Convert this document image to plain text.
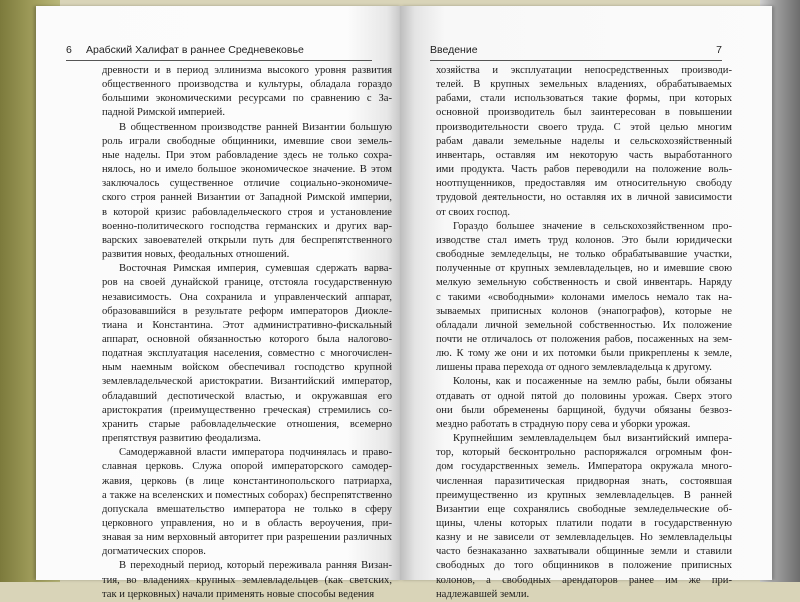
6 Арабский Халифат в раннее Средневековье
древности и в период эллинизма высокого уровня развития
общественного производства и культуры, обладала гораздо
большими экономическими ресурсами по сравнению с За-
падной Римской империей.
В общественном производстве ранней Византии большую
роль играли свободные общинники, имевшие свои земель-
ные наделы. При этом рабовладение здесь не только сохра-
нялось, но и имело большое экономическое значение. В этом
заключалось существенное отличие социально-экономиче-
ского строя ранней Византии от Западной Римской империи,
в которой кризис рабовладельческого строя и установление
военно-политического господства германских и других вар-
варских завоевателей открыли путь для беспрепятственного
развития новых, феодальных отношений.
Восточная Римская империя, сумевшая сдержать варва-
ров на своей дунайской границе, отстояла государственную
независимость. Она сохранила и управленческий аппарат,
образовавшийся в результате реформ императоров Диокле-
тиана и Константина. Этот административно-фискальный
аппарат, основной обязанностью которого была налогово-
податная эксплуатация населения, совместно с многочислен-
ным наемным войском обеспечивал господство крупной
землевладельческой аристократии. Византийский император,
обладавший деспотической властью, и окружавшая его
аристократия (преимущественно греческая) стремились со-
хранить старые рабовладельческие отношения, всемерно
препятствуя развитию феодализма.
Самодержавной власти императора подчинялась и право-
славная церковь. Служа опорой императорского самодер-
жавия, церковь (в лице константинопольского патриарха,
а также на вселенских и поместных соборах) беспрепятственно
допускала вмешательство императора не только в сферу
церковного управления, но и в область вероучения, при-
знавая за ним верховный авторитет при разрешении различных
догматических споров.
В переходный период, который переживала ранняя Визан-
тия, во владениях крупных землевладельцев (как светских,
так и церковных) начали применять новые способы ведения
Введение	7
хозяйства и эксплуатации непосредственных производи-
телей. В крупных земельных владениях, обрабатываемых
рабами, стали использоваться такие формы, при которых
основной производитель был заинтересован в повышении
производительности своего труда. С этой целью многим
рабам давали земельные наделы и сельскохозяйственный
инвентарь, оставляя им некоторую часть выработанного
ими продукта. Часть рабов переводили на положение воль-
ноотпущенников, предоставляя им относительную свободу
трудовой деятельности, но оставляя их в личной зависимости
от своих господ.
Гораздо большее значение в сельскохозяйственном про-
изводстве стал иметь труд колонов. Это были юридически
свободные земледельцы, не только обрабатывавшие участки,
полученные от крупных землевладельцев, но и имевшие свою
мелкую земельную собственность и свой инвентарь. Наряду
с такими «свободными» колонами имелось немало так на-
зываемых приписных колонов (энапографов), которые не
обладали личной земельной собственностью. Их положение
почти не отличалось от положения рабов, посаженных на зем-
лю. К тому же они и их потомки были прикреплены к земле,
лишены права перехода от одного землевладельца к другому.
Колоны, как и посаженные на землю рабы, были обязаны
отдавать от одной пятой до половины урожая. Сверх этого
они были обременены барщиной, будучи обязаны безвоз-
мездно работать в страдную пору сева и уборки урожая.
Крупнейшим землевладельцем был византийский импера-
тор, который бесконтрольно распоряжался огромным фон-
дом государственных земель. Императора окружала много-
численная паразитическая придворная знать, состоявшая
преимущественно из крупных землевладельцев. В ранней
Византии еще сохранялись свободные земледельческие об-
щины, члены которых платили подати в государственную
казну и не зависели от землевладельцев. Но землевладельцы
часто безнаказанно захватывали общинные земли и ставили
свободных до того общинников в положение приписных
колонов, а свободных арендаторов ранее им же при-
надлежавшей земли.
